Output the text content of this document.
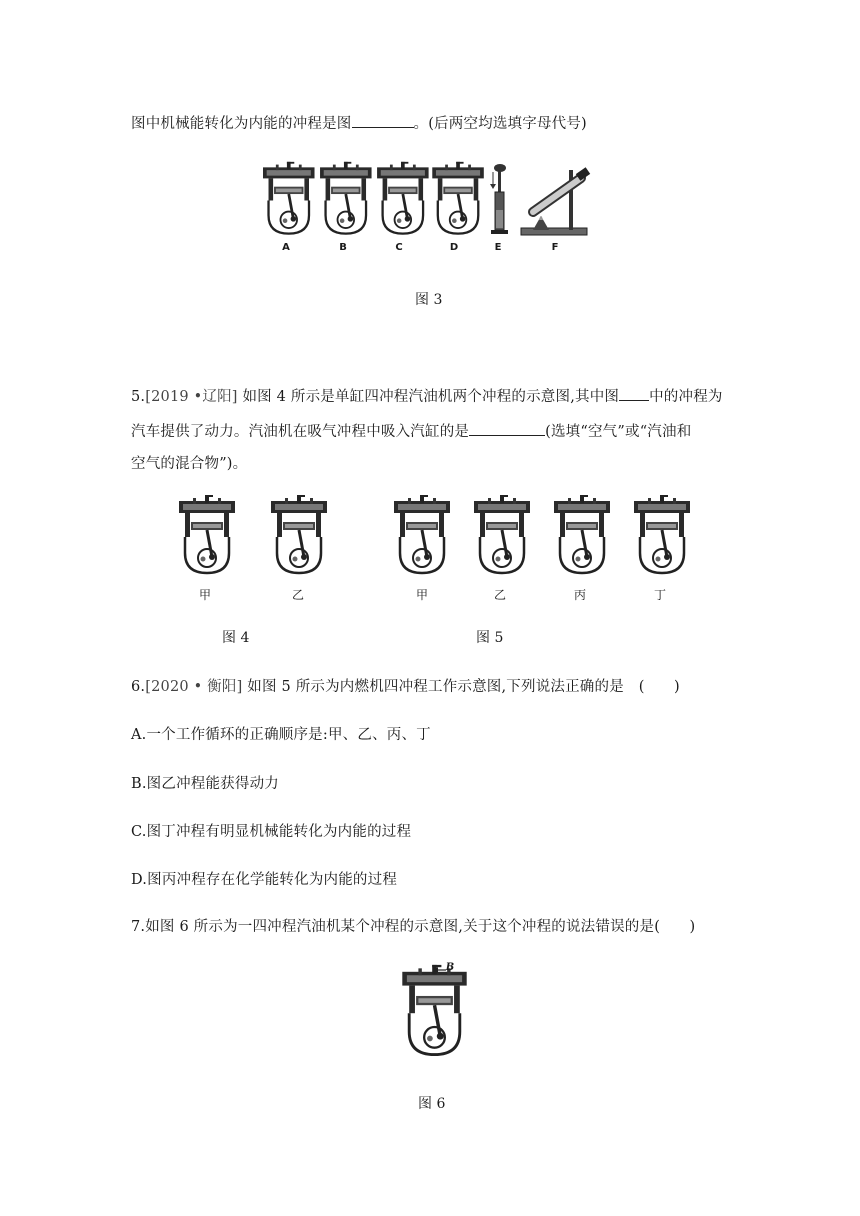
图中机械能转化为内能的冲程是图	。(后两空均选填字母代号)
A	B	C	D	E	F
图 3
5.[2019 •辽阳] 如图 4 所示是单缸四冲程汽油机两个冲程的示意图,其中图 中的冲程为
汽车提供了动力。汽油机在吸气冲程中吸入汽缸的是	(选填“空气”或“汽油和
空气的混合物”)。
甲	乙
图 4
甲	乙	丙	丁
图 5
6.[2020 • 衡阳] 如图 5 所示为内燃机四冲程工作示意图,下列说法正确的是 (　　)
A.一个工作循环的正确顺序是:甲、乙、丙、丁
B.图乙冲程能获得动力
C.图丁冲程有明显机械能转化为内能的过程
D.图丙冲程存在化学能转化为内能的过程
7.如图 6 所示为一四冲程汽油机某个冲程的示意图,关于这个冲程的说法错误的是(　　)
B
图 6
